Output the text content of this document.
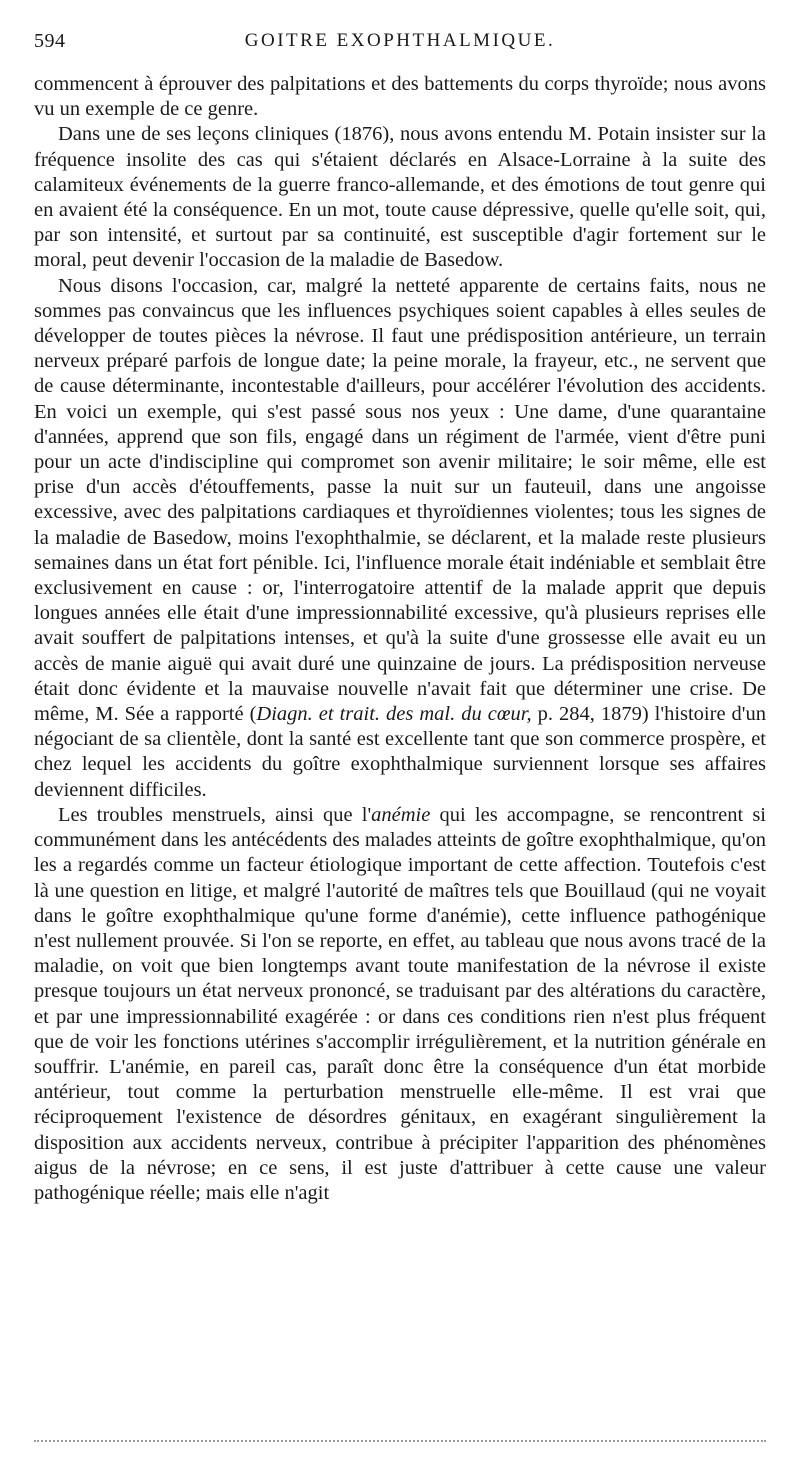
594	GOITRE EXOPHTHALMIQUE.

commencent à éprouver des palpitations et des battements du corps thyroïde; nous avons vu un exemple de ce genre.

Dans une de ses leçons cliniques (1876), nous avons entendu M. Potain insister sur la fréquence insolite des cas qui s'étaient déclarés en Alsace-Lorraine à la suite des calamiteux événements de la guerre franco-allemande, et des émotions de tout genre qui en avaient été la conséquence. En un mot, toute cause dépressive, quelle qu'elle soit, qui, par son intensité, et surtout par sa continuité, est susceptible d'agir fortement sur le moral, peut devenir l'occasion de la maladie de Basedow.

Nous disons l'occasion, car, malgré la netteté apparente de certains faits, nous ne sommes pas convaincus que les influences psychiques soient capables à elles seules de développer de toutes pièces la névrose. Il faut une prédisposition antérieure, un terrain nerveux préparé parfois de longue date; la peine morale, la frayeur, etc., ne servent que de cause déterminante, incontestable d'ailleurs, pour accélérer l'évolution des accidents. En voici un exemple, qui s'est passé sous nos yeux : Une dame, d'une quarantaine d'années, apprend que son fils, engagé dans un régiment de l'armée, vient d'être puni pour un acte d'indiscipline qui compromet son avenir militaire; le soir même, elle est prise d'un accès d'étouffements, passe la nuit sur un fauteuil, dans une angoisse excessive, avec des palpitations cardiaques et thyroïdiennes violentes; tous les signes de la maladie de Basedow, moins l'exophthalmie, se déclarent, et la malade reste plusieurs semaines dans un état fort pénible. Ici, l'influence morale était indéniable et semblait être exclusivement en cause : or, l'interrogatoire attentif de la malade apprit que depuis longues années elle était d'une impressionnabilité excessive, qu'à plusieurs reprises elle avait souffert de palpitations intenses, et qu'à la suite d'une grossesse elle avait eu un accès de manie aiguë qui avait duré une quinzaine de jours. La prédisposition nerveuse était donc évidente et la mauvaise nouvelle n'avait fait que déterminer une crise. De même, M. Sée a rapporté (Diagn. et trait. des mal. du cœur, p. 284, 1879) l'histoire d'un négociant de sa clientèle, dont la santé est excellente tant que son commerce prospère, et chez lequel les accidents du goître exophthalmique surviennent lorsque ses affaires deviennent difficiles.

Les troubles menstruels, ainsi que l'anémie qui les accompagne, se rencontrent si communément dans les antécédents des malades atteints de goître exophthalmique, qu'on les a regardés comme un facteur étiologique important de cette affection. Toutefois c'est là une question en litige, et malgré l'autorité de maîtres tels que Bouillaud (qui ne voyait dans le goître exophthalmique qu'une forme d'anémie), cette influence pathogénique n'est nullement prouvée. Si l'on se reporte, en effet, au tableau que nous avons tracé de la maladie, on voit que bien longtemps avant toute manifestation de la névrose il existe presque toujours un état nerveux prononcé, se traduisant par des altérations du caractère, et par une impressionnabilité exagérée : or dans ces conditions rien n'est plus fréquent que de voir les fonctions utérines s'accomplir irrégulièrement, et la nutrition générale en souffrir. L'anémie, en pareil cas, paraît donc être la conséquence d'un état morbide antérieur, tout comme la perturbation menstruelle elle-même. Il est vrai que réciproquement l'existence de désordres génitaux, en exagérant singulièrement la disposition aux accidents nerveux, contribue à précipiter l'apparition des phénomènes aigus de la névrose; en ce sens, il est juste d'attribuer à cette cause une valeur pathogénique réelle; mais elle n'agit
